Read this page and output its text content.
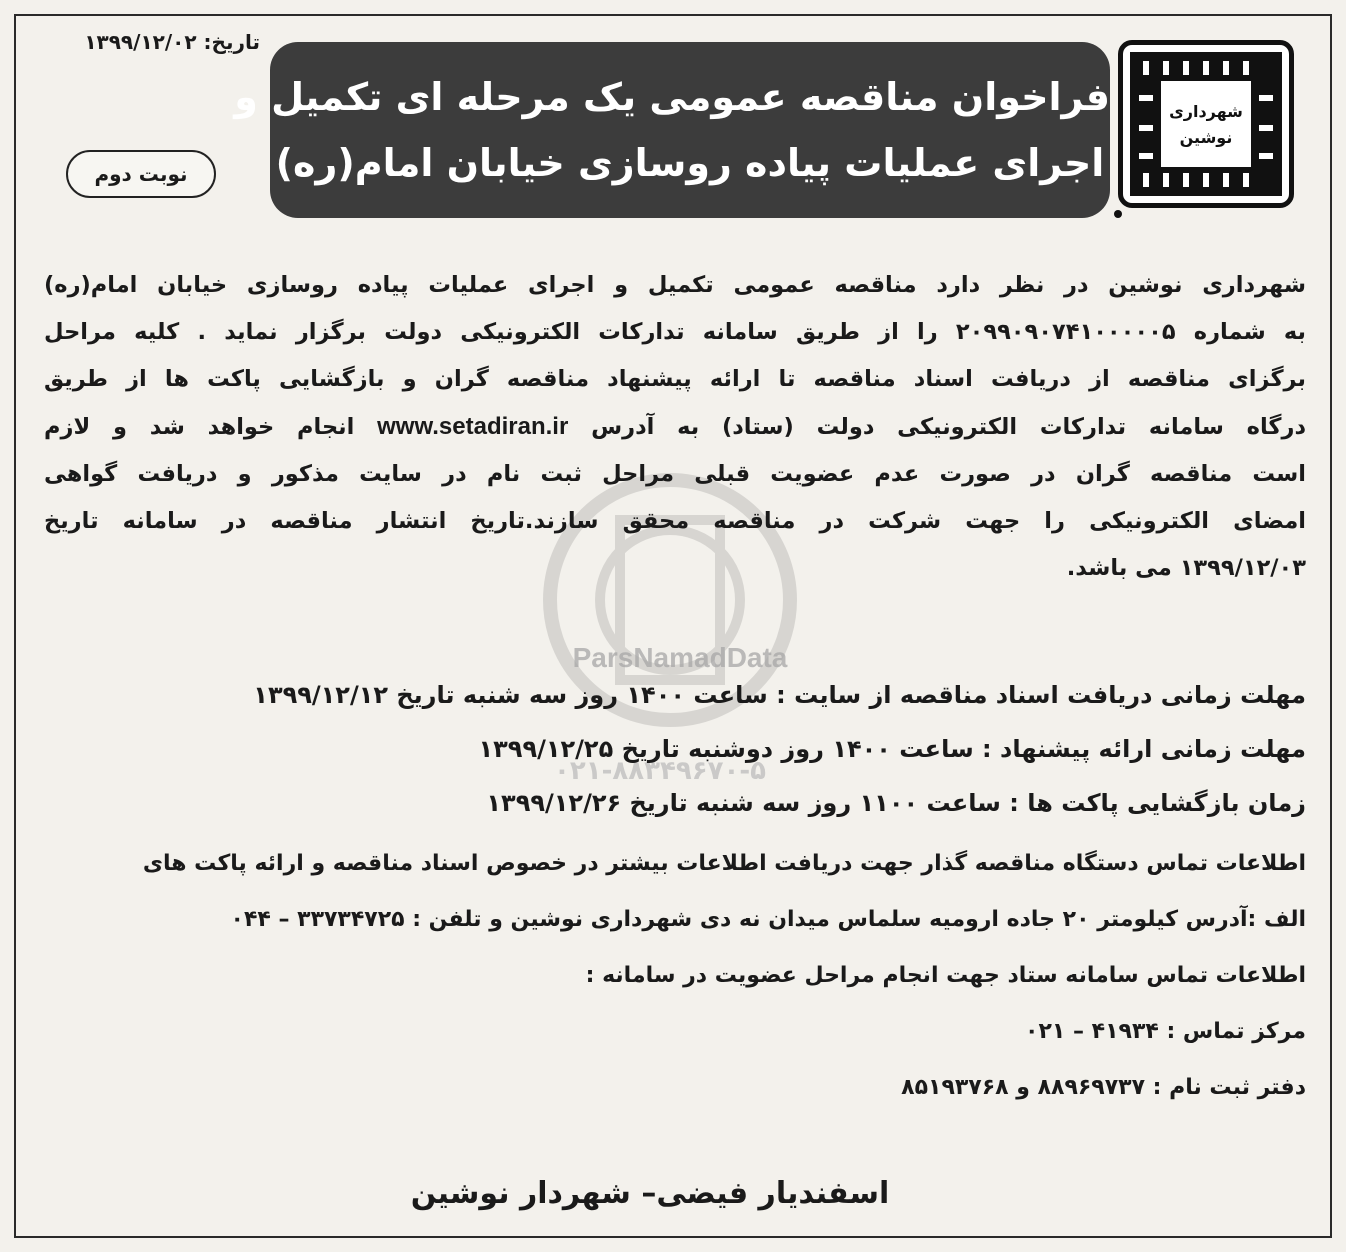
ParsNamadData
۰۲۱-۸۸۳۴۹۶۷۰-۵
شهرداری
نوشین
فراخوان مناقصه عمومی یک مرحله ای تکمیل و
اجرای عملیات پیاده روسازی خیابان امام(ره)
تاریخ: ۱۳۹۹/۱۲/۰۲
نوبت دوم
شهرداری نوشین در نظر دارد مناقصه عمومی تکمیل و اجرای عملیات پیاده روسازی خیابان امام(ره)
به شماره ۲۰۹۹۰۹۰۷۴۱۰۰۰۰۰۵ را از طریق سامانه تدارکات الکترونیکی دولت برگزار نماید . کلیه مراحل
برگزای مناقصه از دریافت اسناد مناقصه تا ارائه پیشنهاد مناقصه گران و بازگشایی پاکت ها از طریق
درگاه سامانه تدارکات الکترونیکی دولت (ستاد) به آدرس www.setadiran.ir انجام خواهد شد و لازم
است مناقصه گران در صورت عدم عضویت قبلی مراحل ثبت نام در سایت مذکور و دریافت گواهی
امضای الکترونیکی را جهت شرکت در مناقصه محقق سازند.تاریخ انتشار مناقصه در سامانه تاریخ
۱۳۹۹/۱۲/۰۳ می باشد.
مهلت زمانی دریافت اسناد مناقصه از سایت : ساعت ۱۴۰۰ روز سه شنبه تاریخ ۱۳۹۹/۱۲/۱۲
مهلت زمانی ارائه پیشنهاد : ساعت ۱۴۰۰ روز دوشنبه تاریخ ۱۳۹۹/۱۲/۲۵
زمان بازگشایی پاکت ها : ساعت ۱۱۰۰ روز سه شنبه تاریخ ۱۳۹۹/۱۲/۲۶
اطلاعات تماس دستگاه مناقصه گذار جهت دریافت اطلاعات بیشتر در خصوص اسناد مناقصه و ارائه پاکت های
الف :آدرس کیلومتر ۲۰ جاده ارومیه سلماس میدان نه دی شهرداری نوشین و تلفن : ۳۳۷۳۴۷۲۵ – ۰۴۴
اطلاعات تماس سامانه ستاد جهت انجام مراحل عضویت در سامانه :
مرکز تماس : ۴۱۹۳۴ – ۰۲۱
دفتر ثبت نام : ۸۸۹۶۹۷۳۷ و ۸۵۱۹۳۷۶۸
اسفندیار فیضی– شهردار نوشین
